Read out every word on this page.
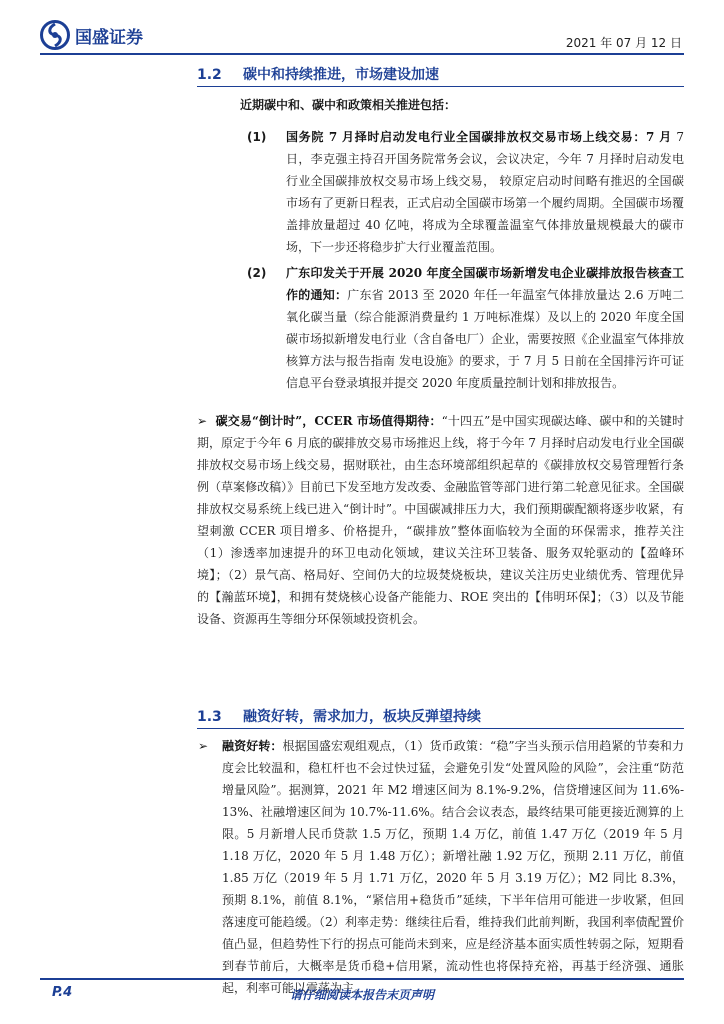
国盛证券	2021 年 07 月 12 日
1.2 碳中和持续推进，市场建设加速
近期碳中和、碳中和政策相关推进包括：
(1) 国务院 7 月择时启动发电行业全国碳排放权交易市场上线交易：7 月 7 日，李克强主持召开国务院常务会议，会议决定，今年 7 月择时启动发电行业全国碳排放权交易市场上线交易， 较原定启动时间略有推迟的全国碳市场有了更新日程表，正式启动全国碳市场第一个履约周期。全国碳市场覆盖排放量超过 40 亿吨，将成为全球覆盖温室气体排放量规模最大的碳市场，下一步还将稳步扩大行业覆盖范围。
(2) 广东印发关于开展 2020 年度全国碳市场新增发电企业碳排放报告核查工作的通知：广东省 2013 至 2020 年任一年温室气体排放量达 2.6 万吨二氧化碳当量（综合能源消费量约 1 万吨标准煤）及以上的 2020 年度全国碳市场拟新增发电行业（含自备电厂）企业，需要按照《企业温室气体排放核算方法与报告指南 发电设施》的要求，于 7 月 5 日前在全国排污许可证信息平台登录填报并提交 2020 年度质量控制计划和排放报告。
➢ 碳交易“倒计时”，CCER 市场值得期待：“十四五”是中国实现碳达峰、碳中和的关键时期，原定于今年 6 月底的碳排放交易市场推迟上线，将于今年 7 月择时启动发电行业全国碳排放权交易市场上线交易，据财联社，由生态环境部组织起草的《碳排放权交易管理暂行条例（草案修改稿）》目前已下发至地方发改委、金融监管等部门进行第二轮意见征求。全国碳排放权交易系统上线已进入“倒计时”。中国碳减排压力大，我们预期碳配额将逐步收紧，有望刺激 CCER 项目增多、价格提升，“碳排放”整体面临较为全面的环保需求，推荐关注（1）渗透率加速提升的环卫电动化领域，建议关注环卫装备、服务双轮驱动的【盈峰环境】；（2）景气高、格局好、空间仍大的垃圾焚烧板块，建议关注历史业绩优秀、管理优异的【瀚蓝环境】，和拥有焚烧核心设备产能能力、ROE 突出的【伟明环保】；（3）以及节能设备、资源再生等细分环保领域投资机会。
1.3 融资好转，需求加力，板块反弹望持续
➢ 融资好转：根据国盛宏观组观点，（1）货币政策：“稳”字当头预示信用趋紧的节奏和力度会比较温和，稳杠杆也不会过快过猛，会避免引发“处置风险的风险”，会注重“防范增量风险”。据测算，2021 年 M2 增速区间为 8.1%-9.2%，信贷增速区间为 11.6%-13%、社融增速区间为 10.7%-11.6%。结合会议表态，最终结果可能更接近测算的上限。5 月新增人民币贷款 1.5 万亿，预期 1.4 万亿，前值 1.47 万亿（2019 年 5 月 1.18 万亿，2020 年 5 月 1.48 万亿）；新增社融 1.92 万亿，预期 2.11 万亿，前值 1.85 万亿（2019 年 5 月 1.71 万亿，2020 年 5 月 3.19 万亿）；M2 同比 8.3%，预期 8.1%，前值 8.1%，“紧信用+稳货币”延续，下半年信用可能进一步收紧，但回落速度可能趋缓。（2）利率走势：继续往后看，维持我们此前判断，我国利率债配置价值凸显，但趋势性下行的拐点可能尚未到来，应是经济基本面实质性转弱之际，短期看到春节前后，大概率是货币稳+信用紧，流动性也将保持充裕，再基于经济强、通胀起，利率可能以震荡为主。
P.4	请仔细阅读本报告末页声明
